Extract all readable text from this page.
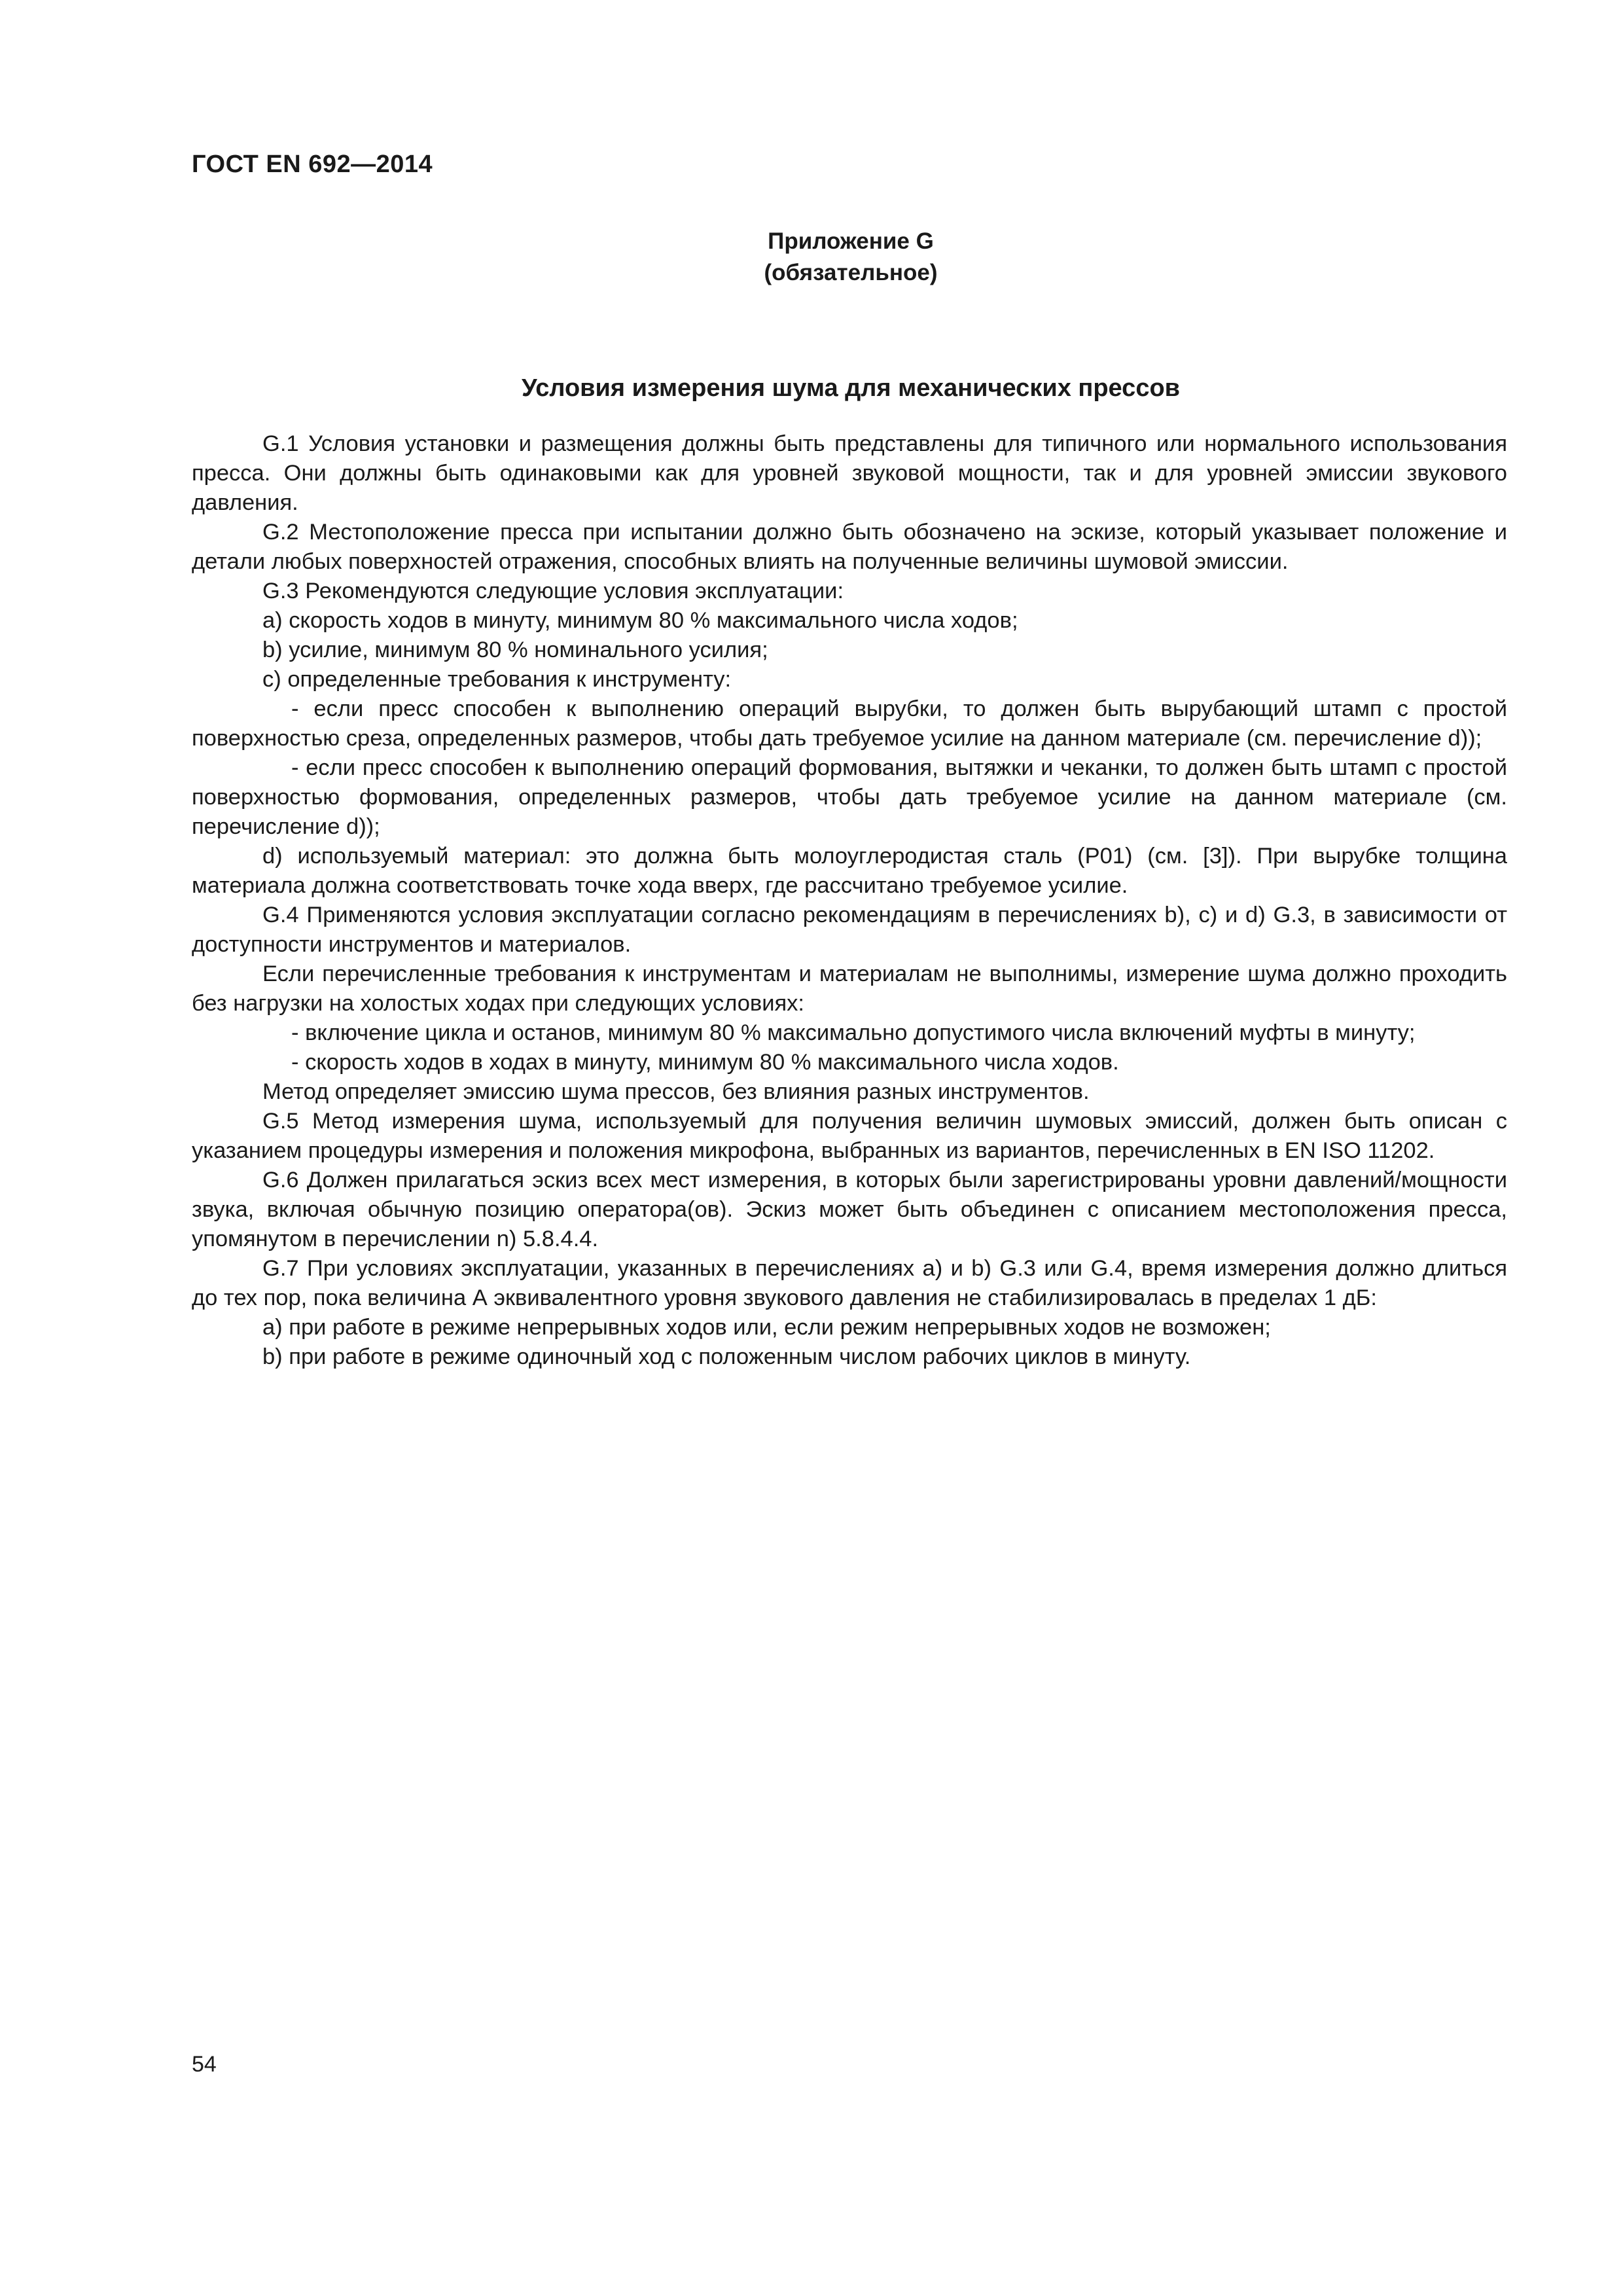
ГОСТ EN 692—2014
Приложение G
(обязательное)
Условия измерения шума для механических прессов

G.1 Условия установки и размещения должны быть представлены для типичного или нормального использования пресса. Они должны быть одинаковыми как для уровней звуковой мощности, так и для уровней эмиссии звукового давления.

G.2 Местоположение пресса при испытании должно быть обозначено на эскизе, который указывает положение и детали любых поверхностей отражения, способных влиять на полученные величины шумовой эмиссии.

G.3 Рекомендуются следующие условия эксплуатации:

a) скорость ходов в минуту, минимум 80 % максимального числа ходов;

b) усилие, минимум 80 % номинального усилия;

c) определенные требования к инструменту:

- если пресс способен к выполнению операций вырубки, то должен быть вырубающий штамп с простой поверхностью среза, определенных размеров, чтобы дать требуемое усилие на данном материале (см. перечисление d));

- если пресс способен к выполнению операций формования, вытяжки и чеканки, то должен быть штамп с простой поверхностью формования, определенных размеров, чтобы дать требуемое усилие на данном материале (см. перечисление d));

d) используемый материал: это должна быть молоуглеродистая сталь (Р01) (см. [3]). При вырубке толщина материала должна соответствовать точке хода вверх, где рассчитано требуемое усилие.

G.4 Применяются условия эксплуатации согласно рекомендациям в перечислениях b), с) и d) G.3, в зависимости от доступности инструментов и материалов.

Если перечисленные требования к инструментам и материалам не выполнимы, измерение шума должно проходить без нагрузки на холостых ходах при следующих условиях:

- включение цикла и останов, минимум 80 % максимально допустимого числа включений муфты в минуту;

- скорость ходов в ходах в минуту, минимум 80 % максимального числа ходов.

Метод определяет эмиссию шума прессов, без влияния разных инструментов.

G.5 Метод измерения шума, используемый для получения величин шумовых эмиссий, должен быть описан с указанием процедуры измерения и положения микрофона, выбранных из вариантов, перечисленных в EN ISO 11202.

G.6 Должен прилагаться эскиз всех мест измерения, в которых были зарегистрированы уровни давлений/мощности звука, включая обычную позицию оператора(ов). Эскиз может быть объединен с описанием местоположения пресса, упомянутом в перечислении n) 5.8.4.4.

G.7 При условиях эксплуатации, указанных в перечислениях а) и b) G.3 или G.4, время измерения должно длиться до тех пор, пока величина А эквивалентного уровня звукового давления не стабилизировалась в пределах 1 дБ:

a) при работе в режиме непрерывных ходов или, если режим непрерывных ходов не возможен;

b) при работе в режиме одиночный ход с положенным числом рабочих циклов в минуту.

54
